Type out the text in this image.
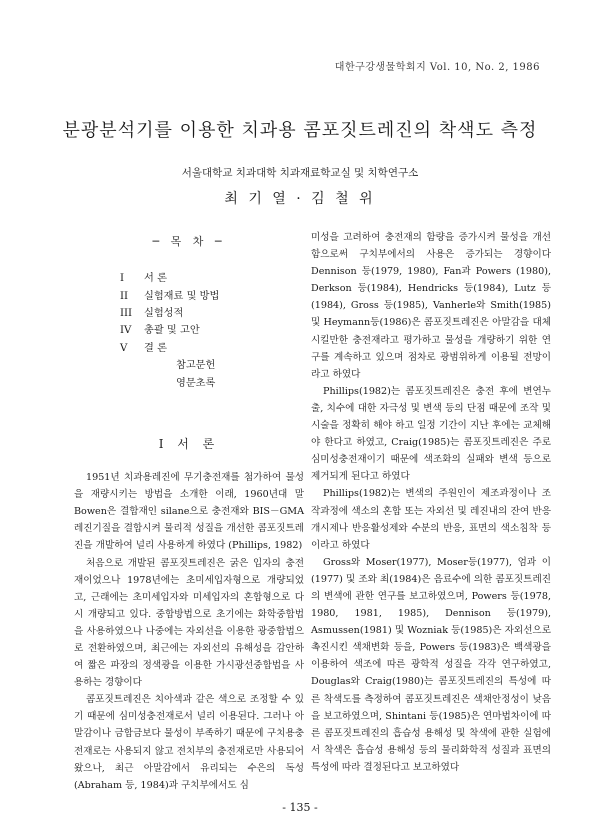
대한구강생물학회지 Vol. 10, No. 2, 1986
분광분석기를 이용한 치과용 콤포짓트레진의 착색도 측정
서울대학교 치과대학 치과재료학교실 및 치학연구소
최 기 열 · 김 철 위
─ 목 차 ─
I	서 론
II	실험재료 및 방법
III	실험성적
IV	총괄 및 고안
V	결 론
참고문헌
영문초록
I 서 론

1951년 치과용레진에 무기충전재를 첨가하여 물성을 재량시키는 방법을 소개한 이래, 1960년대 말 Bowen은 결합재인 silane으로 충전재와 BIS－GMA 레진기질을 결합시켜 물리적 성질을 개선한 콤포짓트레진을 개발하여 널리 사용하게 하였다 (Phillips, 1982)

처음으로 개발된 콤포짓트레진은 굵은 입자의 충전재이었으나 1978년에는 초미세입자형으로 개량되었고, 근래에는 초미세입자와 미세입자의 혼합형으로 다시 개량되고 있다. 중합방법으로 초기에는 화학중합법을 사용하였으나 나중에는 자외선을 이용한 광중합법으로 전환하였으며, 최근에는 자외선의 유해성을 감안하여 짧은 파장의 정색광을 이용한 가시광선중합법을 사용하는 경향이다

콤포짓트레진은 치아색과 같은 색으로 조정할 수 있기 때문에 심미성충전재로서 널리 이용된다. 그러나 아말감이나 금합금보다 물성이 부족하기 때문에 구치용충전재로는 사용되지 않고 전치부의 충전재로만 사용되어 왔으나, 최근 아말감에서 유리되는 수은의 독성(Abraham 등, 1984)과 구치부에서도 심

미성을 고려하여 충전재의 함량을 증가시켜 물성을 개선함으로써 구치부에서의 사용은 증가되는 경향이다 Dennison 등(1979, 1980), Fan과 Powers (1980), Derkson 등(1984), Hendricks 등(1984), Lutz 등(1984), Gross 등(1985), Vanherle와 Smith(1985) 및 Heymann등(1986)은 콤포짓트레진은 아말감을 대체시킬만한 충전재라고 평가하고 물성을 개량하기 위한 연구를 계속하고 있으며 점차로 광범위하게 이용될 전망이라고 하였다

Phillips(1982)는 콤포짓트레진은 충전 후에 변연누출, 치수에 대한 자극성 및 변색 등의 단점 때문에 조작 및 시술을 정확히 해야 하고 일정 기간이 지난 후에는 교체해야 한다고 하였고, Craig(1985)는 콤포짓트레진은 주로 심미성충전재이기 때문에 색조화의 실패와 변색 등으로 제거되게 된다고 하였다

Phillips(1982)는 변색의 주원인이 제조과정이나 조작과정에 색소의 혼합 또는 자외선 및 레진내의 잔여 반응개시제나 반응활성제와 수분의 반응, 표면의 색소침착 등이라고 하였다

Gross와 Moser(1977), Moser등(1977), 엄과 이(1977) 및 조와 최(1984)은 음료수에 의한 콤포짓트레진의 변색에 관한 연구를 보고하였으며, Powers 등(1978, 1980, 1981, 1985), Dennison 등(1979), Asmussen(1981) 및 Wozniak 등(1985)은 자외선으로 촉진시킨 색채변화 등을, Powers 등(1983)은 백색광을 이용하여 색조에 따른 광학적 성질을 각각 연구하였고, Douglas와 Craig(1980)는 콤포짓트레진의 특성에 따른 착색도를 측정하여 콤포짓트레진은 색채안정성이 낮음을 보고하였으며, Shintani 등(1985)은 연마법차이에 따른 콤포짓트레진의 흡습성 용해성 및 착색에 관한 실험에서 착색은 흡습성 용해성 등의 물리화학적 성질과 표면의 특성에 따라 결정된다고 보고하였다

- 135 -
